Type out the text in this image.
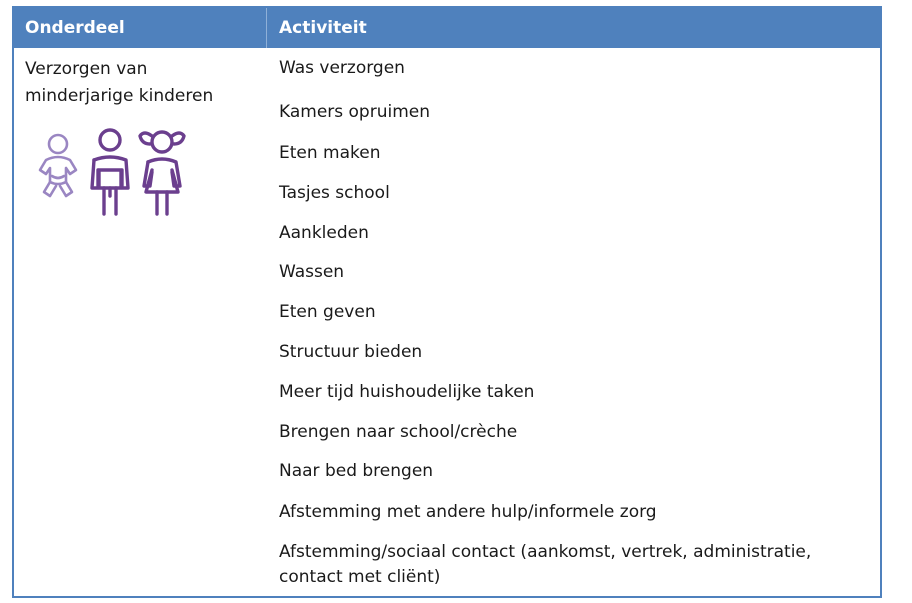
Onderdeel	Activiteit
Verzorgen van minderjarige kinderen
Was verzorgen
Kamers opruimen
Eten maken
Tasjes school
Aankleden
Wassen
Eten geven
Structuur bieden
Meer tijd huishoudelijke taken
Brengen naar school/crèche
Naar bed brengen
Afstemming met andere hulp/informele zorg
Afstemming/sociaal contact (aankomst, vertrek, administratie, contact met cliënt)
